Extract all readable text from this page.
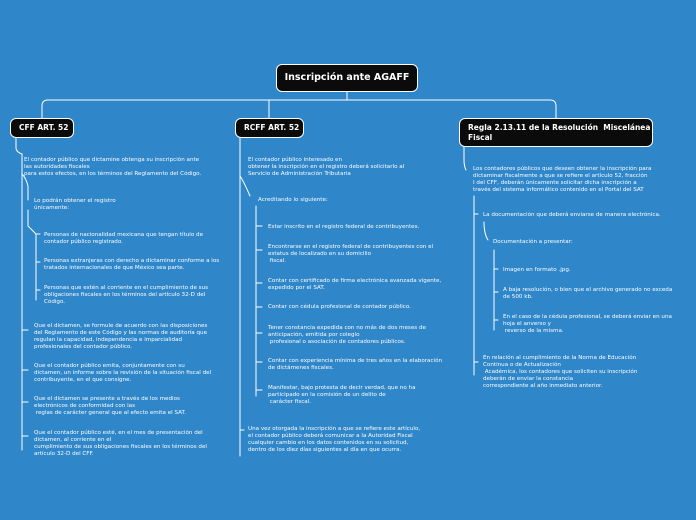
Inscripción ante AGAFF
CFF ART. 52	RCFF ART. 52	Regla 2.13.11 de la Resolución  Miscelánea
Fiscal
El contador público que dictamine obtenga su inscripción ante
las autoridades fiscales
para estos efectos, en los términos del Reglamento del Código.
Lo podrán obtener el registro
únicamente:
Personas de nacionalidad mexicana que tengan título de
contador público registrado.
Personas extranjeras con derecho a dictaminar conforme a los
tratados internacionales de que México sea parte.
Personas que estén al corriente en el cumplimiento de sus
obligaciones fiscales en los términos del artículo 32-D del
Código.
Que el dictamen, se formule de acuerdo con las disposiciones
del Reglamento de este Código y las normas de auditoría que
regulan la capacidad, independencia e imparcialidad
profesionales del contador público.
Que el contador público emita, conjuntamente con su
dictamen, un informe sobre la revisión de la situación fiscal del
contribuyente, en el que consigne.
Que el dictamen se presente a través de los medios
electrónicos de conformidad con las
reglas de carácter general que al efecto emita el SAT.
Que el contador público esté, en el mes de presentación del
dictamen, al corriente en el
cumplimiento de sus obligaciones fiscales en los términos del
artículo 32-D del CFF.
El contador público interesado en
obtener la inscripción en el registro deberá solicitarlo al
Servicio de Administración Tributaria
Acreditando lo siguiente:
Estar inscrito en el registro federal de contribuyentes.
Encontrarse en el registro federal de contribuyentes con el
estatus de localizado en su domicilio
fiscal.
Contar con certificado de firma electrónica avanzada vigente,
expedido por el SAT.
Contar con cédula profesional de contador público.
Tener constancia expedida con no más de dos meses de
anticipación, emitida por colegio
profesional o asociación de contadores públicos.
Contar con experiencia mínima de tres años en la elaboración
de dictámenes fiscales.
Manifestar, bajo protesta de decir verdad, que no ha
participado en la comisión de un delito de
carácter fiscal.
Una vez otorgada la inscripción a que se refiere este artículo,
el contador público deberá comunicar a la Autoridad Fiscal
cualquier cambio en los datos contenidos en su solicitud,
dentro de los diez días siguientes al día en que ocurra.
Los contadores públicos que deseen obtener la inscripción para
dictaminar fiscalmente a que se refiere el artículo 52, fracción
I del CFF, deberán únicamente solicitar dicha inscripción a
través del sistema informático contenido en el Portal del SAT
La documentación que deberá enviarse de manera electrónica.
Documentación a presentar:
Imagen en formato .jpg.
A baja resolución, o bien que el archivo generado no exceda
de 500 kb.
En el caso de la cédula profesional, se deberá enviar en una
hoja el anverso y
reverso de la misma.
En relación al cumplimiento de la Norma de Educación
Continua o de Actualización
Académica, los contadores que soliciten su inscripción
deberán de enviar la constancia
correspondiente al año inmediato anterior.
